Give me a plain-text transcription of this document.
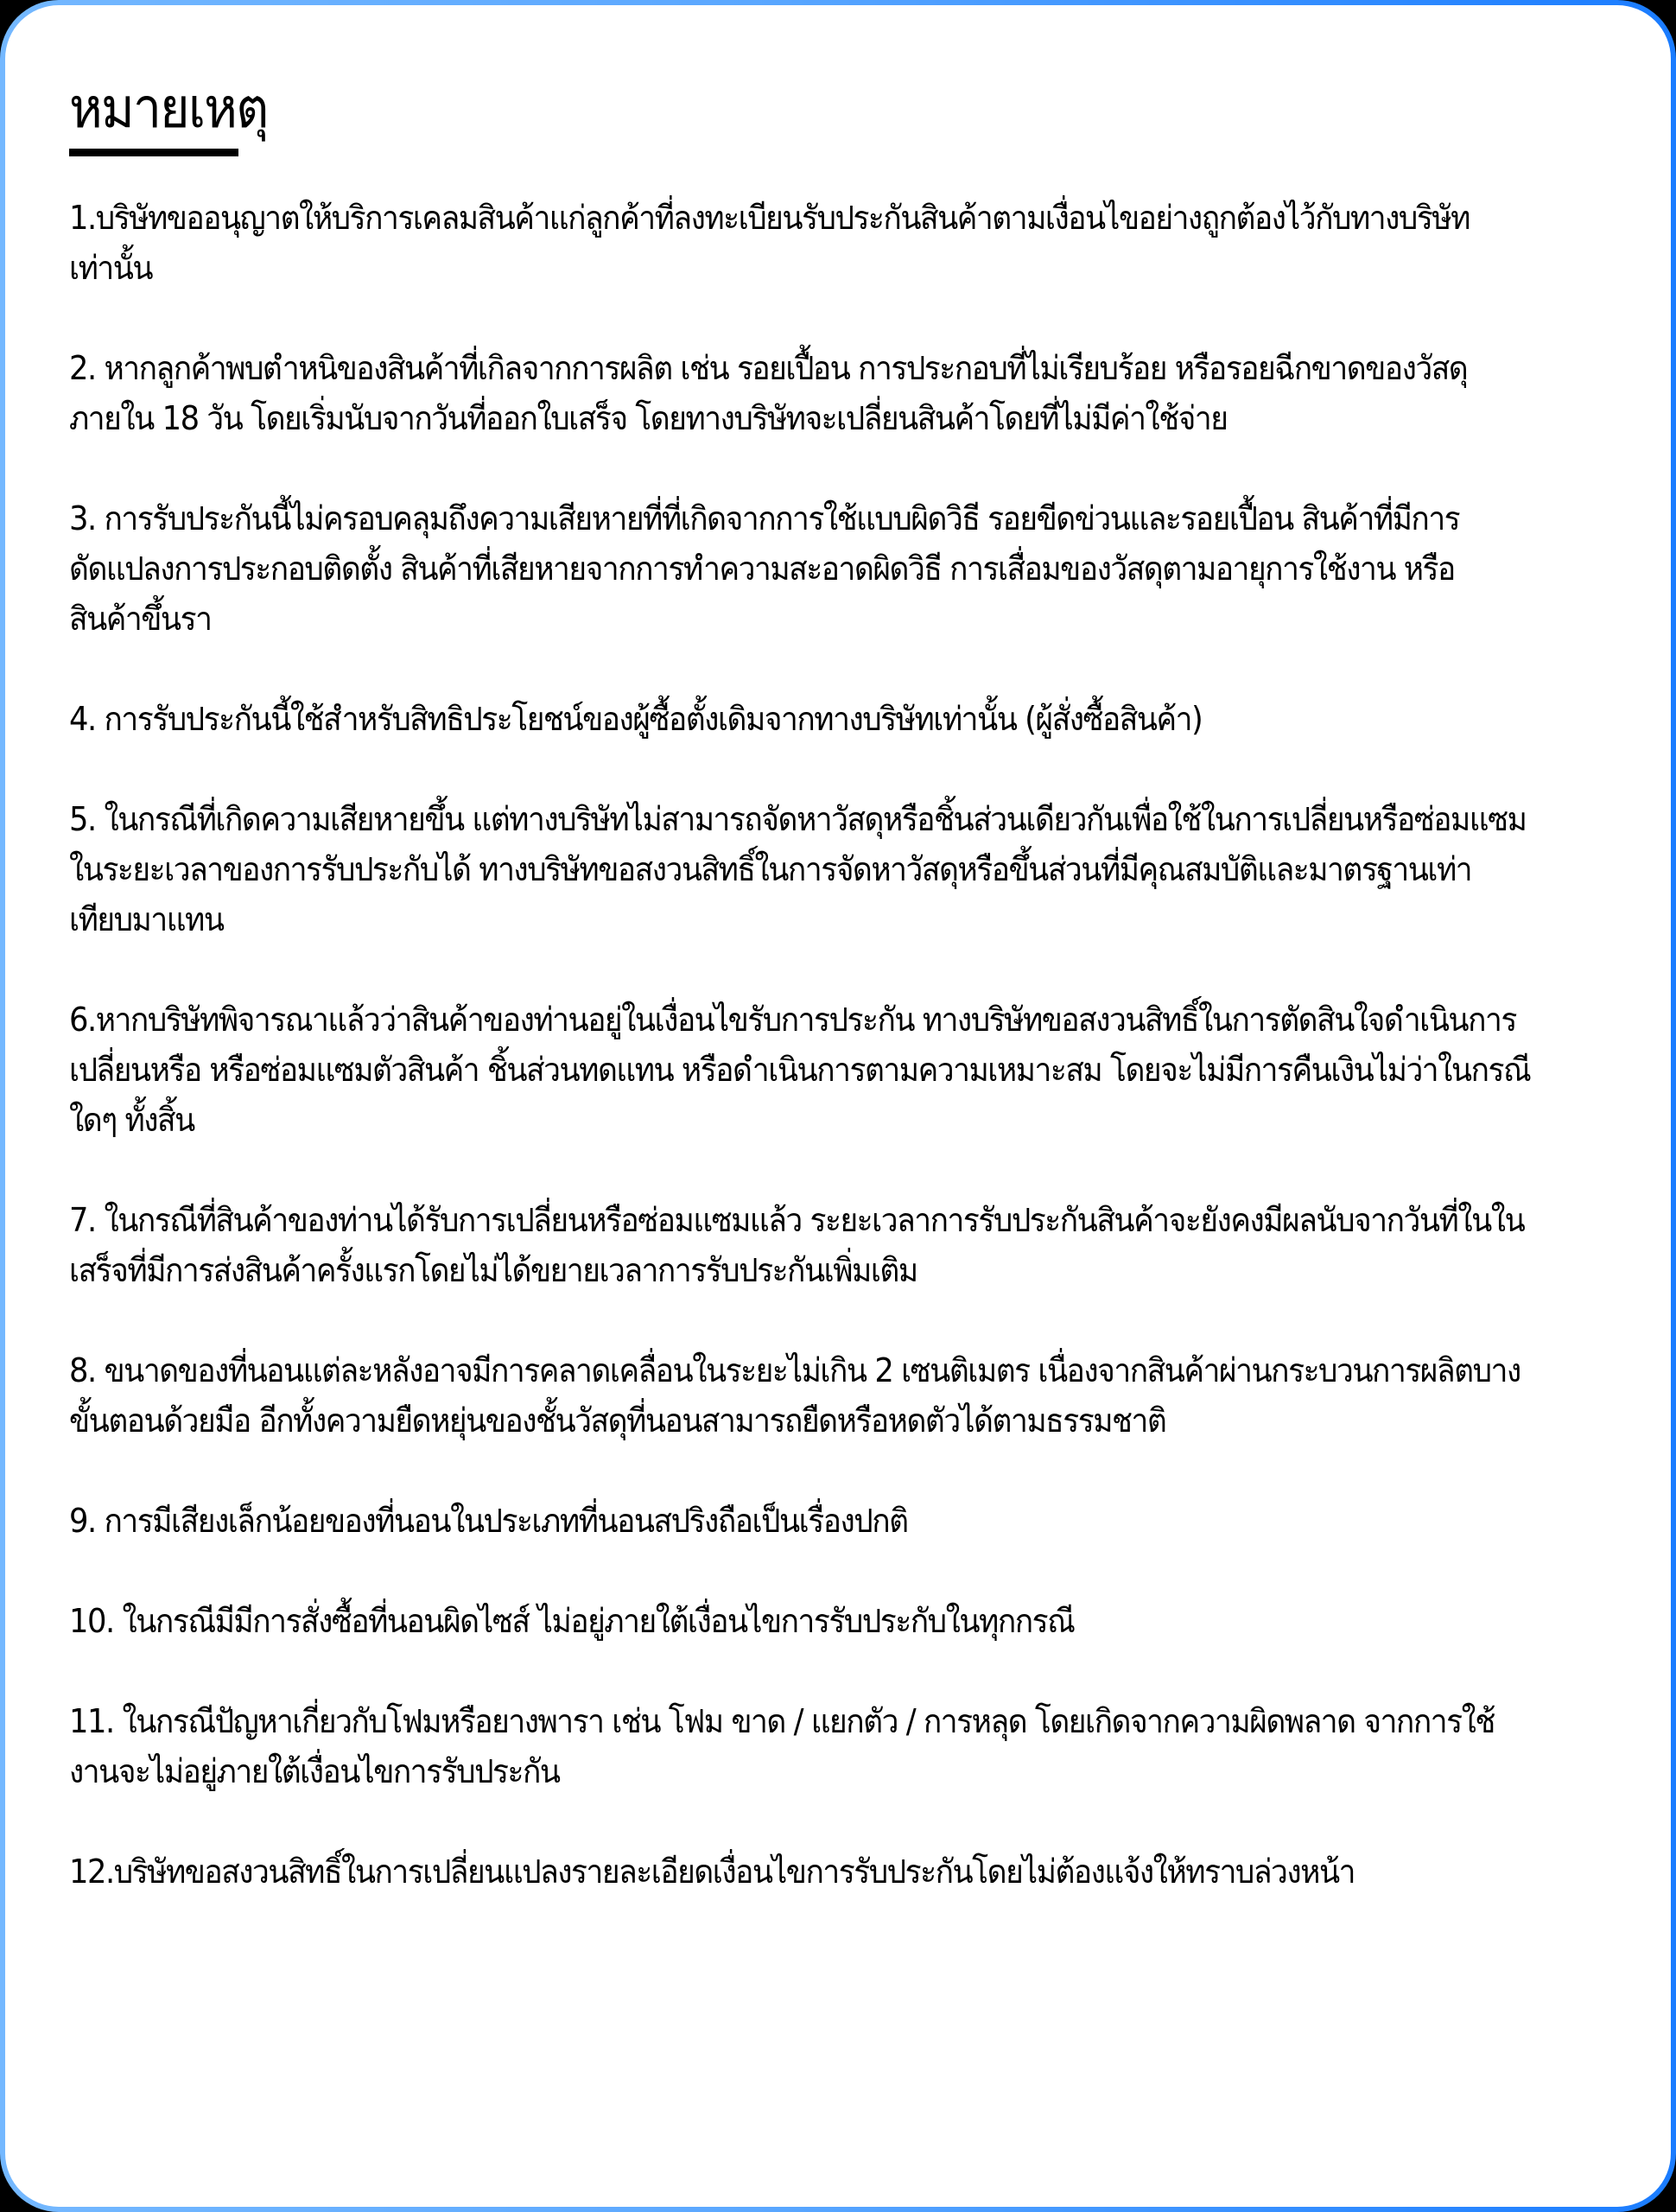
หมายเหตุ

1.บริษัทขออนุญาตให้บริการเคลมสินค้าแก่ลูกค้าที่ลงทะเบียนรับประกันสินค้าตามเงื่อนไขอย่างถูกต้องไว้กับทางบริษัทเท่านั้น

2. หากลูกค้าพบตำหนิของสินค้าที่เกิลจากการผลิต เช่น รอยเปื้อน การประกอบที่ไม่เรียบร้อย หรือรอยฉีกขาดของวัสดุภายใน 18 วัน โดยเริ่มนับจากวันที่ออกใบเสร็จ โดยทางบริษัทจะเปลี่ยนสินค้าโดยที่ไม่มีค่าใช้จ่าย

3. การรับประกันนี้ไม่ครอบคลุมถึงความเสียหายที่ที่เกิดจากการใช้แบบผิดวิธี รอยขีดข่วนและรอยเปื้อน สินค้าที่มีการดัดแปลงการประกอบติดตั้ง สินค้าที่เสียหายจากการทำความสะอาดผิดวิธี การเสื่อมของวัสดุตามอายุการใช้งาน หรือ สินค้าขึ้นรา

4. การรับประกันนี้ใช้สำหรับสิทธิประโยชน์ของผู้ซื้อตั้งเดิมจากทางบริษัทเท่านั้น (ผู้สั่งซื้อสินค้า)

5. ในกรณีที่เกิดความเสียหายขึ้น แต่ทางบริษัทไม่สามารถจัดหาวัสดุหรือชิ้นส่วนเดียวกันเพื่อใช้ในการเปลี่ยนหรือซ่อมแซม ในระยะเวลาของการรับประกับได้ ทางบริษัทขอสงวนสิทธิ์ในการจัดหาวัสดุหรือขึ้นส่วนที่มีคุณสมบัติและมาตรฐานเท่าเทียบมาแทน

6.หากบริษัทพิจารณาแล้วว่าสินค้าของท่านอยู่ในเงื่อนไขรับการประกัน ทางบริษัทขอสงวนสิทธิ์ในการตัดสินใจดำเนินการเปลี่ยนหรือ หรือซ่อมแซมตัวสินค้า ชิ้นส่วนทดแทน หรือดำเนินการตามความเหมาะสม โดยจะไม่มีการคืนเงินไม่ว่าในกรณีใดๆ ทั้งสิ้น

7. ในกรณีที่สินค้าของท่านได้รับการเปลี่ยนหรือซ่อมแซมแล้ว ระยะเวลาการรับประกันสินค้าจะยังคงมีผลนับจากวันที่ในในเสร็จที่มีการส่งสินค้าครั้งแรกโดยไม่ได้ขยายเวลาการรับประกันเพิ่มเติม

8. ขนาดของที่นอนแต่ละหลังอาจมีการคลาดเคลื่อนในระยะไม่เกิน 2 เซนติเมตร เนื่องจากสินค้าผ่านกระบวนการผลิตบางขั้นตอนด้วยมือ อีกทั้งความยืดหยุ่นของชั้นวัสดุที่นอนสามารถยืดหรือหดตัวได้ตามธรรมชาติ

9. การมีเสียงเล็กน้อยของที่นอนในประเภทที่นอนสปริงถือเป็นเรื่องปกติ

10. ในกรณีมีมีการสั่งซื้อที่นอนผิดไซส์ ไม่อยู่ภายใต้เงื่อนไขการรับประกับในทุกกรณี

11. ในกรณีปัญหาเกี่ยวกับโฟมหรือยางพารา เช่น โฟม ขาด / แยกตัว / การหลุด โดยเกิดจากความผิดพลาด จากการใช้งานจะไม่อยู่ภายใต้เงื่อนไขการรับประกัน

12.บริษัทขอสงวนสิทธิ์ในการเปลี่ยนแปลงรายละเอียดเงื่อนไขการรับประกันโดยไม่ต้องแจ้งให้ทราบล่วงหน้า
